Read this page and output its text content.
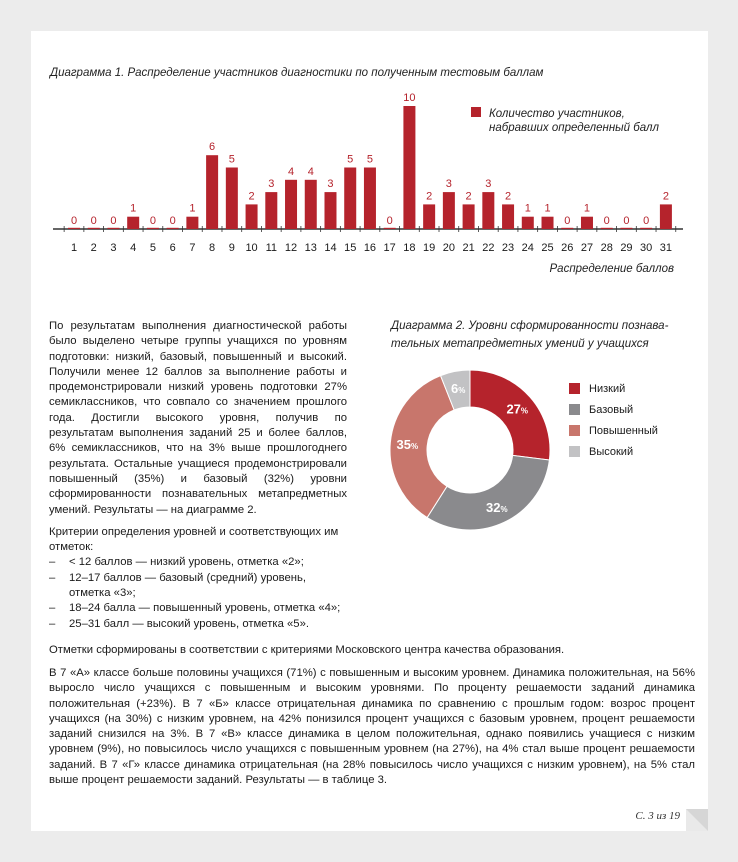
Диаграмма 1. Распределение участников диагностики по полученным тестовым баллам
0
1
0
2
0
3
1
4
0
5
0
6
1
7
6
8
5
9
2
10
3
11
4
12
4
13
3
14
5
15
5
16
0
17
10
18
2
19
3
20
2
21
3
22
2
23
1
24
1
25
0
26
1
27
0
28
0
29
0
30
2
31
Распределение баллов
Количество участников,
набравших определенный балл
27%
32%
35%
6%
Диаграмма 2. Уровни сформированности познава-
тельных метапредметных умений у учащихся
Низкий
Базовый
Повышенный
Высокий

По результатам выполнения диагностической работы было выделено четыре группы учащихся по уровням подготовки: низкий, базовый, повышенный и высокий. Получили менее 12 баллов за выполнение работы и продемонстрировали низкий уровень подготовки 27% семиклассников, что совпало со значением прошлого года. Достигли высокого уровня, получив по результатам выполнения заданий 25 и более баллов, 6% семиклассников, что на 3% выше прошлогоднего результата. Остальные учащиеся продемонстрировали повышенный (35%) и базовый (32%) уровни сформированности познавательных метапредметных умений. Результаты — на диаграмме 2.

Критерии определения уровней и соответствующих им отметок:

– < 12 баллов — низкий уровень, отметка «2»;
– 12–17 баллов — базовый (средний) уровень, отметка «3»;
– 18–24 балла — повышенный уровень, отметка «4»;
– 25–31 балл — высокий уровень, отметка «5».
Отметки сформированы в соответствии с критериями Московского центра качества образования.
В 7 «А» классе больше половины учащихся (71%) с повышенным и высоким уровнем. Динамика положительная, на 56% выросло число учащихся с повышенным и высоким уровнями. По проценту решаемости заданий динамика положительная (+23%). В 7 «Б» классе отрицательная динамика по сравнению с прошлым годом: возрос процент учащихся (на 30%) с низким уровнем, на 42% понизился процент учащихся с базовым уровнем, процент решаемости заданий снизился на 3%. В 7 «В» классе динамика в целом положительная, однако появились учащиеся с низким уровнем (9%), но повысилось число учащихся с повышенным уровнем (на 27%), на 4% стал выше процент решаемости заданий. В 7 «Г» классе динамика отрицательная (на 28% повысилось число учащихся с низким уровнем), на 5% стал выше процент решаемости заданий. Результаты — в таблице 3.
С. 3 из 19
